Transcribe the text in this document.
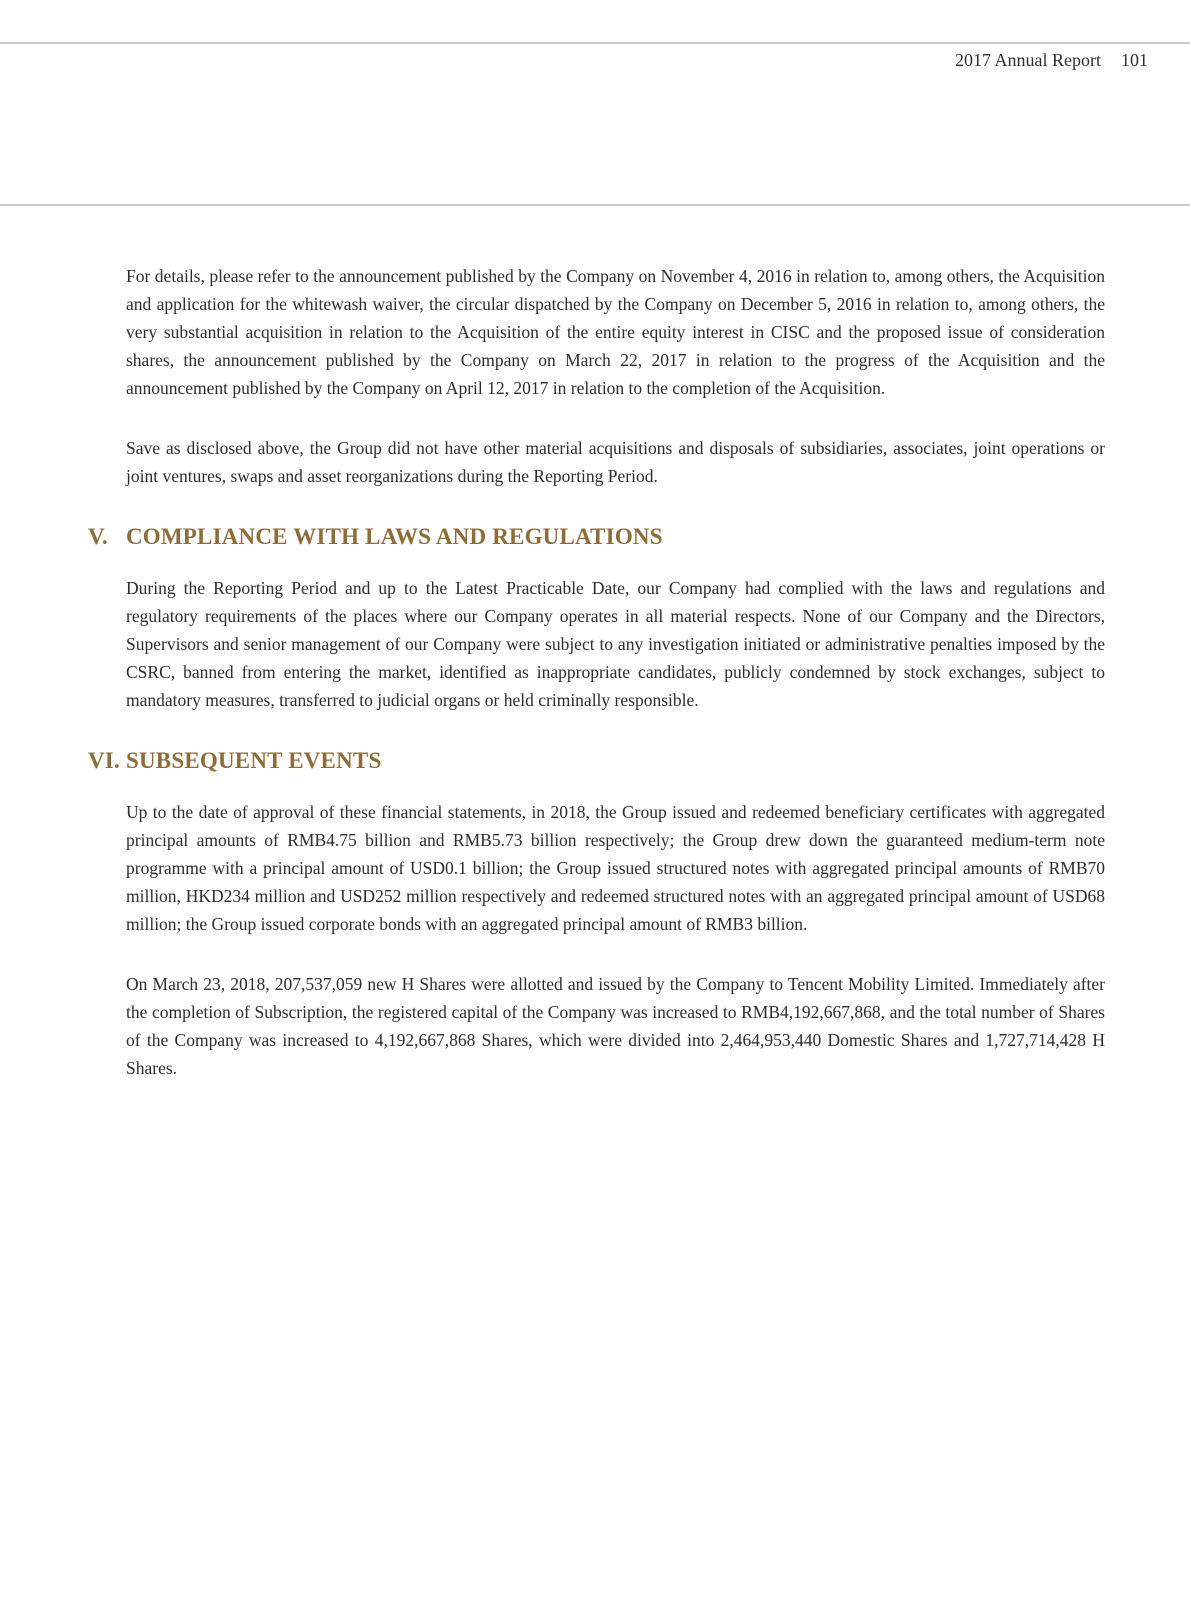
2017 Annual Report 101

For details, please refer to the announcement published by the Company on November 4, 2016 in relation to, among others, the Acquisition and application for the whitewash waiver, the circular dispatched by the Company on December 5, 2016 in relation to, among others, the very substantial acquisition in relation to the Acquisition of the entire equity interest in CISC and the proposed issue of consideration shares, the announcement published by the Company on March 22, 2017 in relation to the progress of the Acquisition and the announcement published by the Company on April 12, 2017 in relation to the completion of the Acquisition.

Save as disclosed above, the Group did not have other material acquisitions and disposals of subsidiaries, associates, joint operations or joint ventures, swaps and asset reorganizations during the Reporting Period.

V. COMPLIANCE WITH LAWS AND REGULATIONS

During the Reporting Period and up to the Latest Practicable Date, our Company had complied with the laws and regulations and regulatory requirements of the places where our Company operates in all material respects. None of our Company and the Directors, Supervisors and senior management of our Company were subject to any investigation initiated or administrative penalties imposed by the CSRC, banned from entering the market, identified as inappropriate candidates, publicly condemned by stock exchanges, subject to mandatory measures, transferred to judicial organs or held criminally responsible.

VI. SUBSEQUENT EVENTS

Up to the date of approval of these financial statements, in 2018, the Group issued and redeemed beneficiary certificates with aggregated principal amounts of RMB4.75 billion and RMB5.73 billion respectively; the Group drew down the guaranteed medium-term note programme with a principal amount of USD0.1 billion; the Group issued structured notes with aggregated principal amounts of RMB70 million, HKD234 million and USD252 million respectively and redeemed structured notes with an aggregated principal amount of USD68 million; the Group issued corporate bonds with an aggregated principal amount of RMB3 billion.

On March 23, 2018, 207,537,059 new H Shares were allotted and issued by the Company to Tencent Mobility Limited. Immediately after the completion of Subscription, the registered capital of the Company was increased to RMB4,192,667,868, and the total number of Shares of the Company was increased to 4,192,667,868 Shares, which were divided into 2,464,953,440 Domestic Shares and 1,727,714,428 H Shares.
